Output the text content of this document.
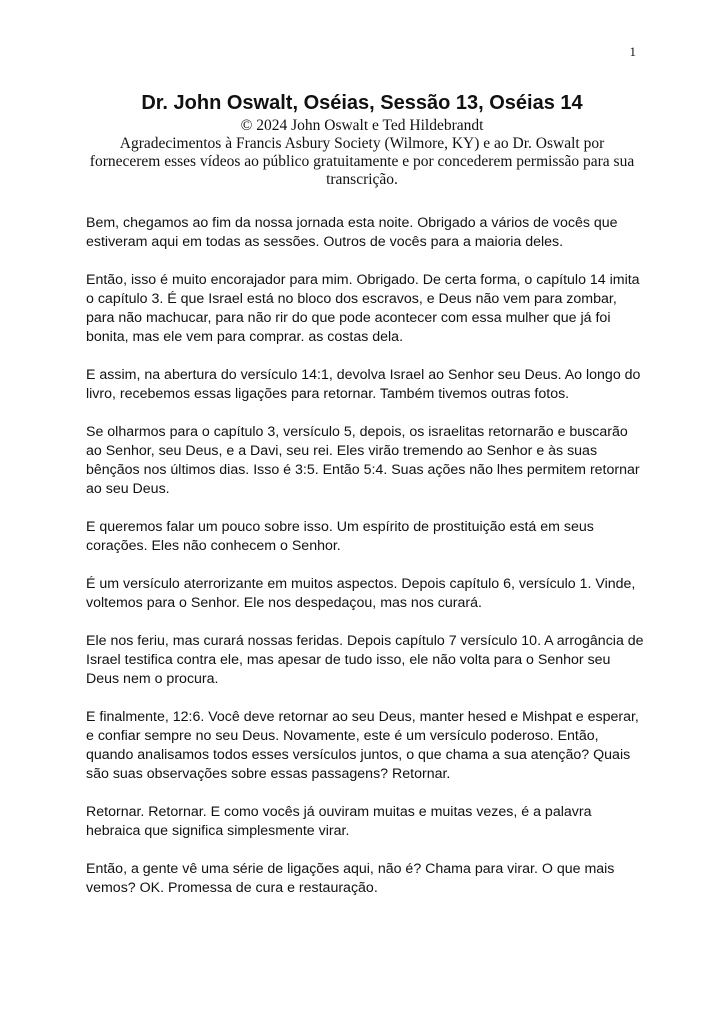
1
Dr. John Oswalt, Oséias, Sessão 13, Oséias 14
© 2024 John Oswalt e Ted Hildebrandt
Agradecimentos à Francis Asbury Society (Wilmore, KY) e ao Dr. Oswalt por fornecerem esses vídeos ao público gratuitamente e por concederem permissão para sua transcrição.

Bem, chegamos ao fim da nossa jornada esta noite. Obrigado a vários de vocês que estiveram aqui em todas as sessões. Outros de vocês para a maioria deles.

Então, isso é muito encorajador para mim. Obrigado. De certa forma, o capítulo 14 imita o capítulo 3. É que Israel está no bloco dos escravos, e Deus não vem para zombar, para não machucar, para não rir do que pode acontecer com essa mulher que já foi bonita, mas ele vem para comprar. as costas dela.

E assim, na abertura do versículo 14:1, devolva Israel ao Senhor seu Deus. Ao longo do livro, recebemos essas ligações para retornar. Também tivemos outras fotos.

Se olharmos para o capítulo 3, versículo 5, depois, os israelitas retornarão e buscarão ao Senhor, seu Deus, e a Davi, seu rei. Eles virão tremendo ao Senhor e às suas bênçãos nos últimos dias. Isso é 3:5. Então 5:4. Suas ações não lhes permitem retornar ao seu Deus.

E queremos falar um pouco sobre isso. Um espírito de prostituição está em seus corações. Eles não conhecem o Senhor.

É um versículo aterrorizante em muitos aspectos. Depois capítulo 6, versículo 1. Vinde, voltemos para o Senhor. Ele nos despedaçou, mas nos curará.

Ele nos feriu, mas curará nossas feridas. Depois capítulo 7 versículo 10. A arrogância de Israel testifica contra ele, mas apesar de tudo isso, ele não volta para o Senhor seu Deus nem o procura.

E finalmente, 12:6. Você deve retornar ao seu Deus, manter hesed e Mishpat e esperar, e confiar sempre no seu Deus. Novamente, este é um versículo poderoso. Então, quando analisamos todos esses versículos juntos, o que chama a sua atenção? Quais são suas observações sobre essas passagens? Retornar.

Retornar. Retornar. E como vocês já ouviram muitas e muitas vezes, é a palavra hebraica que significa simplesmente virar.

Então, a gente vê uma série de ligações aqui, não é? Chama para virar. O que mais vemos? OK. Promessa de cura e restauração.
